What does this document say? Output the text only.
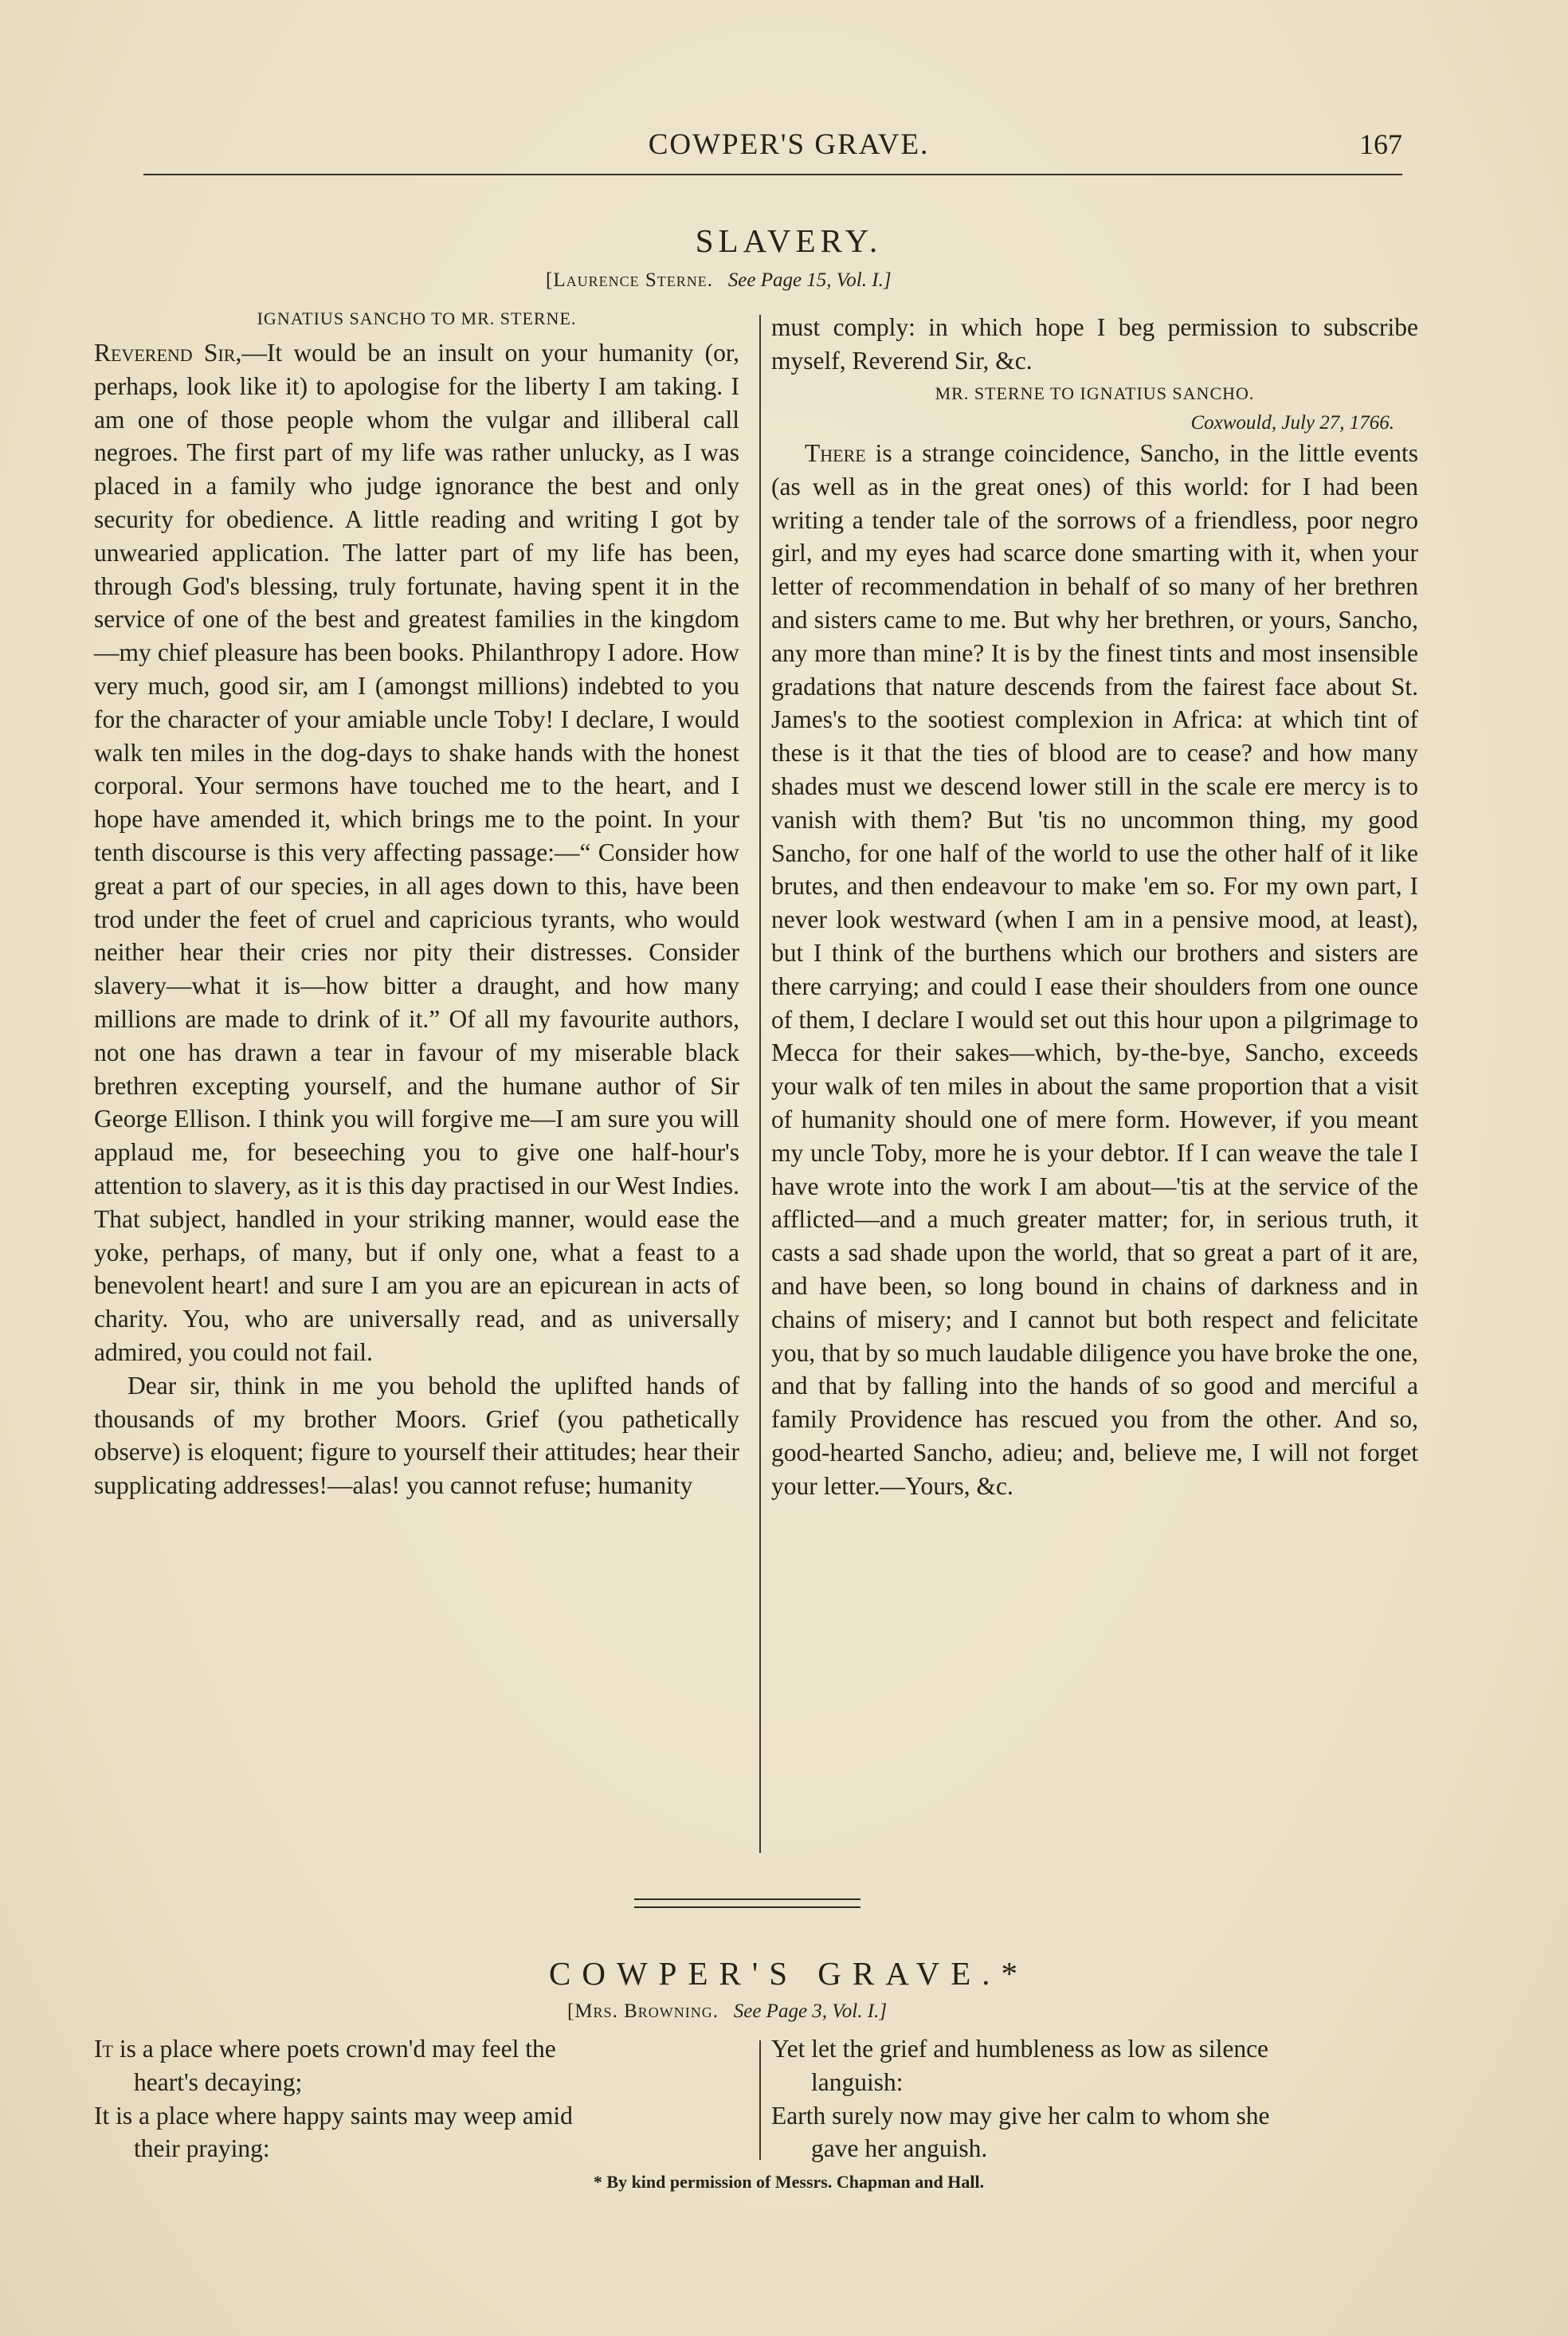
COWPER'S GRAVE.	167
SLAVERY.
[Laurence Sterne. See Page 15, Vol. I.]
IGNATIUS SANCHO TO MR. STERNE.

Reverend Sir,—It would be an insult on your humanity (or, perhaps, look like it) to apologise for the liberty I am taking. I am one of those people whom the vulgar and illiberal call negroes. The first part of my life was rather unlucky, as I was placed in a family who judge ignorance the best and only security for obedience. A little reading and writing I got by unwearied application. The latter part of my life has been, through God's blessing, truly fortunate, having spent it in the service of one of the best and greatest families in the kingdom—my chief pleasure has been books. Philanthropy I adore. How very much, good sir, am I (amongst millions) indebted to you for the character of your amiable uncle Toby! I declare, I would walk ten miles in the dog-days to shake hands with the honest corporal. Your sermons have touched me to the heart, and I hope have amended it, which brings me to the point. In your tenth discourse is this very affecting passage:—“ Consider how great a part of our species, in all ages down to this, have been trod under the feet of cruel and capricious tyrants, who would neither hear their cries nor pity their distresses. Consider slavery—what it is—how bitter a draught, and how many millions are made to drink of it.” Of all my favourite authors, not one has drawn a tear in favour of my miserable black brethren excepting yourself, and the humane author of Sir George Ellison. I think you will forgive me—I am sure you will applaud me, for beseeching you to give one half-hour's attention to slavery, as it is this day practised in our West Indies. That subject, handled in your striking manner, would ease the yoke, perhaps, of many, but if only one, what a feast to a benevolent heart! and sure I am you are an epicurean in acts of charity. You, who are universally read, and as universally admired, you could not fail.

Dear sir, think in me you behold the uplifted hands of thousands of my brother Moors. Grief (you pathetically observe) is eloquent; figure to yourself their attitudes; hear their supplicating addresses!—alas! you cannot refuse; humanity

must comply: in which hope I beg permission to subscribe myself, Reverend Sir, &c.

MR. STERNE TO IGNATIUS SANCHO.
Coxwould, July 27, 1766.

There is a strange coincidence, Sancho, in the little events (as well as in the great ones) of this world: for I had been writing a tender tale of the sorrows of a friendless, poor negro girl, and my eyes had scarce done smarting with it, when your letter of recommendation in behalf of so many of her brethren and sisters came to me. But why her brethren, or yours, Sancho, any more than mine? It is by the finest tints and most insensible gradations that nature descends from the fairest face about St. James's to the sootiest complexion in Africa: at which tint of these is it that the ties of blood are to cease? and how many shades must we descend lower still in the scale ere mercy is to vanish with them? But 'tis no uncommon thing, my good Sancho, for one half of the world to use the other half of it like brutes, and then endeavour to make 'em so. For my own part, I never look westward (when I am in a pensive mood, at least), but I think of the burthens which our brothers and sisters are there carrying; and could I ease their shoulders from one ounce of them, I declare I would set out this hour upon a pilgrimage to Mecca for their sakes—which, by-the-bye, Sancho, exceeds your walk of ten miles in about the same proportion that a visit of humanity should one of mere form. However, if you meant my uncle Toby, more he is your debtor. If I can weave the tale I have wrote into the work I am about—'tis at the service of the afflicted—and a much greater matter; for, in serious truth, it casts a sad shade upon the world, that so great a part of it are, and have been, so long bound in chains of darkness and in chains of misery; and I cannot but both respect and felicitate you, that by so much laudable diligence you have broke the one, and that by falling into the hands of so good and merciful a family Providence has rescued you from the other. And so, good-hearted Sancho, adieu; and, believe me, I will not forget your letter.—Yours, &c.

COWPER'S GRAVE.*
[Mrs. Browning. See Page 3, Vol. I.]
It is a place where poets crown'd may feel the
heart's decaying;
It is a place where happy saints may weep amid
their praying:
Yet let the grief and humbleness as low as silence
languish:
Earth surely now may give her calm to whom she
gave her anguish.
* By kind permission of Messrs. Chapman and Hall.
